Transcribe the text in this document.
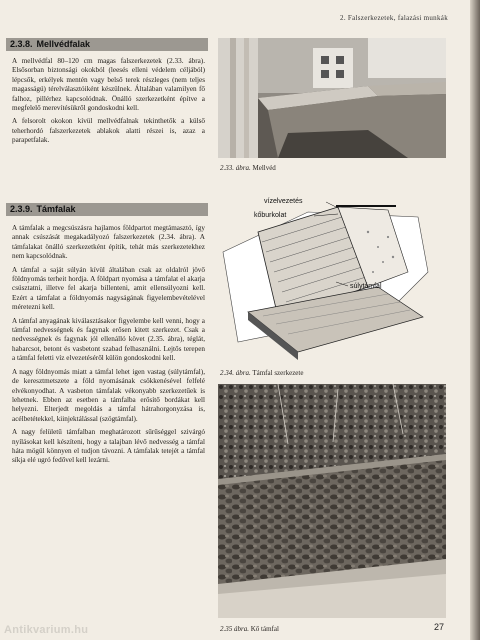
2. Falszerkezetek, falazási munkák
2.3.8. Mellvédfalak

A mellvédfal 80–120 cm magas falszerkezetek (2.33. ábra). Elsősorban biztonsági okokból (leesés elleni védelem céljából) lépcsők, erkélyek mentén vagy belső terek részleges (nem teljes magasságú) térelválasztóiként készülnek. Általában valamilyen fő falhoz, pillérhez kapcsolódnak. Önálló szerkezetként építve a megfelelő merevítésükről gondoskodni kell.

A felsorolt okokon kívül mellvédfalnak tekinthetők a külső teherhordó falszerkezetek ablakok alatti részei is, azaz a parapetfalak.

2.3.9. Támfalak

A támfalak a megcsúszásra hajlamos földpartot megtámasztó, így annak csúszását megakadályozó falszerkezetek (2.34. ábra). A támfalakat önálló szerkezetként építik, tehát más szerkezetekhez nem kapcsolódnak.

A támfal a saját súlyán kívül általában csak az oldalról jövő földnyomás terheit hordja. A földpart nyomása a támfalat el akarja csúsztatni, illetve fel akarja billenteni, amit ellensúlyozni kell. Ezért a támfalat a földnyomás nagyságának figyelembevételével méretezni kell.

A támfal anyagának kiválasztásakor figyelembe kell venni, hogy a támfal nedvességnek és fagynak erősen kitett szerkezet. Csak a nedvességnek és fagynak jól ellenálló követ (2.35. ábra), téglát, habarcsot, betont és vasbetont szabad felhasználni. Lejtős terepen a támfal feletti víz elvezetéséről külön gondoskodni kell.

A nagy földnyomás miatt a támfal lehet igen vastag (súlytámfal), de keresztmetszete a föld nyomásának csökkenésével felfelé elvékonyodhat. A vasbeton támfalak vékonyabb szerkezetűek is lehetnek. Ebben az esetben a támfalba erősítő bordákat kell helyezni. Elterjedt megoldás a támfal hátrahorgonyzása is, acélbetétekkel, kiinjektálással (szögtámfal).

A nagy felületű támfalban meghatározott sűrűséggel szivárgó nyílásokat kell készíteni, hogy a talajban lévő nedvesség a támfal háta mögül könnyen el tudjon távozni. A támfalak tetejét a támfal síkja elé ugró fedővel kell lezárni.

2.33. ábra. Mellvéd
vízelvezetés
kőburkolat
súlytámfal
2.34. ábra. Támfal szerkezete
2.35 ábra. Kő támfal	27
Antikvarium.hu
